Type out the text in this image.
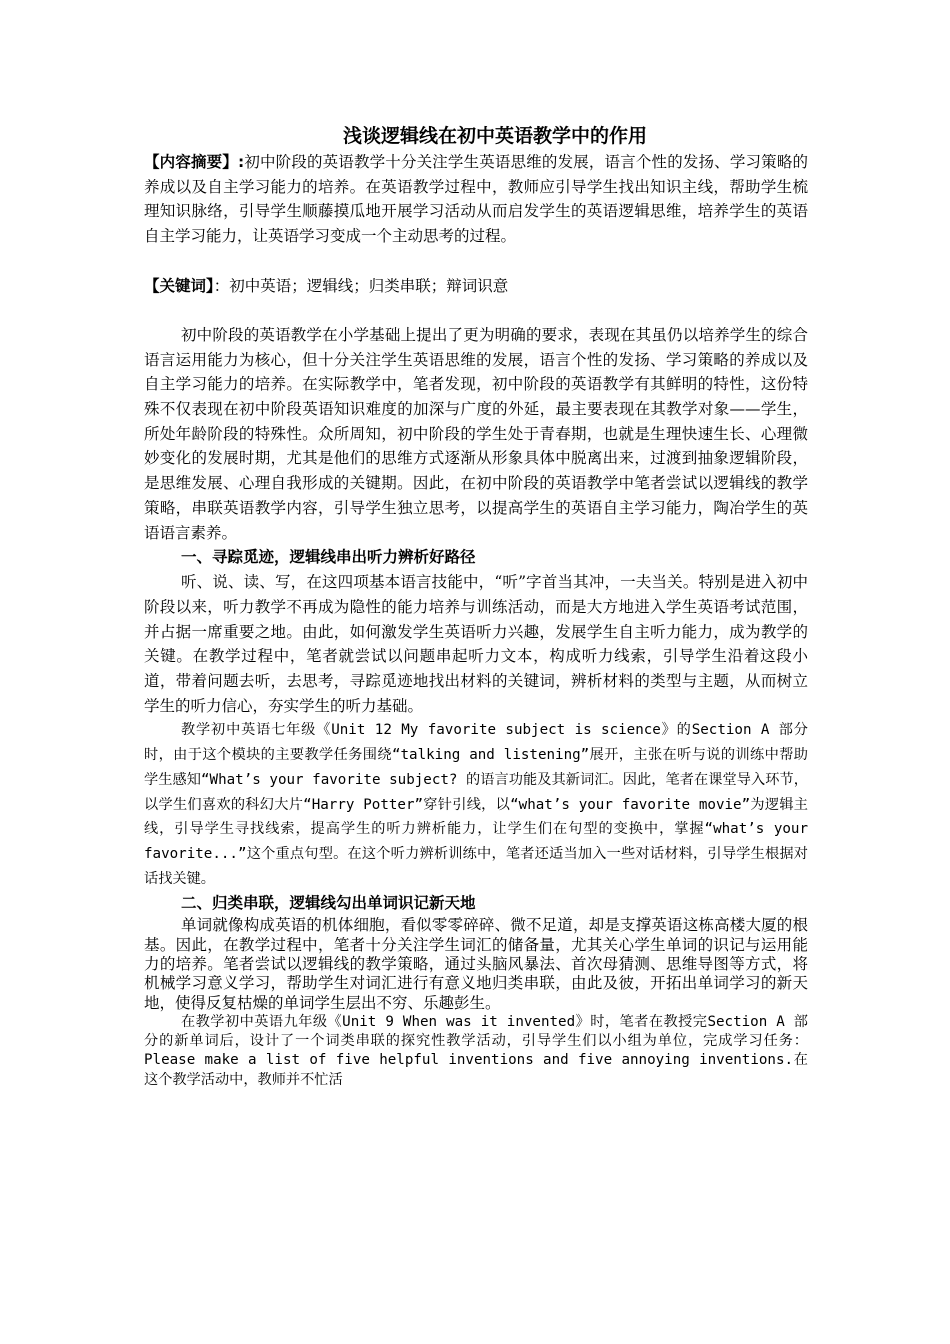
浅谈逻辑线在初中英语教学中的作用

【内容摘要】:初中阶段的英语教学十分关注学生英语思维的发展，语言个性的发扬、学习策略的养成以及自主学习能力的培养。在英语教学过程中，教师应引导学生找出知识主线，帮助学生梳理知识脉络，引导学生顺藤摸瓜地开展学习活动从而启发学生的英语逻辑思维，培养学生的英语自主学习能力，让英语学习变成一个主动思考的过程。

【关键词】：初中英语；逻辑线；归类串联；辩词识意

初中阶段的英语教学在小学基础上提出了更为明确的要求，表现在其虽仍以培养学生的综合语言运用能力为核心，但十分关注学生英语思维的发展，语言个性的发扬、学习策略的养成以及自主学习能力的培养。在实际教学中，笔者发现，初中阶段的英语教学有其鲜明的特性，这份特殊不仅表现在初中阶段英语知识难度的加深与广度的外延，最主要表现在其教学对象——学生，所处年龄阶段的特殊性。众所周知，初中阶段的学生处于青春期，也就是生理快速生长、心理微妙变化的发展时期，尤其是他们的思维方式逐渐从形象具体中脱离出来，过渡到抽象逻辑阶段，是思维发展、心理自我形成的关键期。因此，在初中阶段的英语教学中笔者尝试以逻辑线的教学策略，串联英语教学内容，引导学生独立思考，以提高学生的英语自主学习能力，陶冶学生的英语语言素养。

一、寻踪觅迹，逻辑线串出听力辨析好路径

听、说、读、写，在这四项基本语言技能中，“听”字首当其冲，一夫当关。特别是进入初中阶段以来，听力教学不再成为隐性的能力培养与训练活动，而是大方地进入学生英语考试范围，并占据一席重要之地。由此，如何激发学生英语听力兴趣，发展学生自主听力能力，成为教学的关键。在教学过程中，笔者就尝试以问题串起听力文本，构成听力线索，引导学生沿着这段小道，带着问题去听，去思考，寻踪觅迹地找出材料的关键词，辨析材料的类型与主题，从而树立学生的听力信心，夯实学生的听力基础。

教学初中英语七年级《Unit 12 My favorite subject is science》的Section A 部分时，由于这个模块的主要教学任务围绕“talking and listening”展开，主张在听与说的训练中帮助学生感知“What’s your favorite subject? 的语言功能及其新词汇。因此，笔者在课堂导入环节，以学生们喜欢的科幻大片“Harry Potter”穿针引线，以“what’s your favorite movie”为逻辑主线，引导学生寻找线索，提高学生的听力辨析能力，让学生们在句型的变换中，掌握“what’s your favorite...”这个重点句型。在这个听力辨析训练中，笔者还适当加入一些对话材料，引导学生根据对话找关键。

二、归类串联，逻辑线勾出单词识记新天地

单词就像构成英语的机体细胞，看似零零碎碎、微不足道，却是支撑英语这栋高楼大厦的根基。因此，在教学过程中，笔者十分关注学生词汇的储备量，尤其关心学生单词的识记与运用能力的培养。笔者尝试以逻辑线的教学策略，通过头脑风暴法、首次母猜测、思维导图等方式，将机械学习意义学习，帮助学生对词汇进行有意义地归类串联，由此及彼，开拓出单词学习的新天地，使得反复枯燥的单词学生层出不穷、乐趣彭生。

在教学初中英语九年级《Unit 9 When was it invented》时，笔者在教授完Section A 部分的新单词后，设计了一个词类串联的探究性教学活动，引导学生们以小组为单位，完成学习任务：Please make a list of five helpful inventions and five annoying inventions.在这个教学活动中，教师并不忙活
